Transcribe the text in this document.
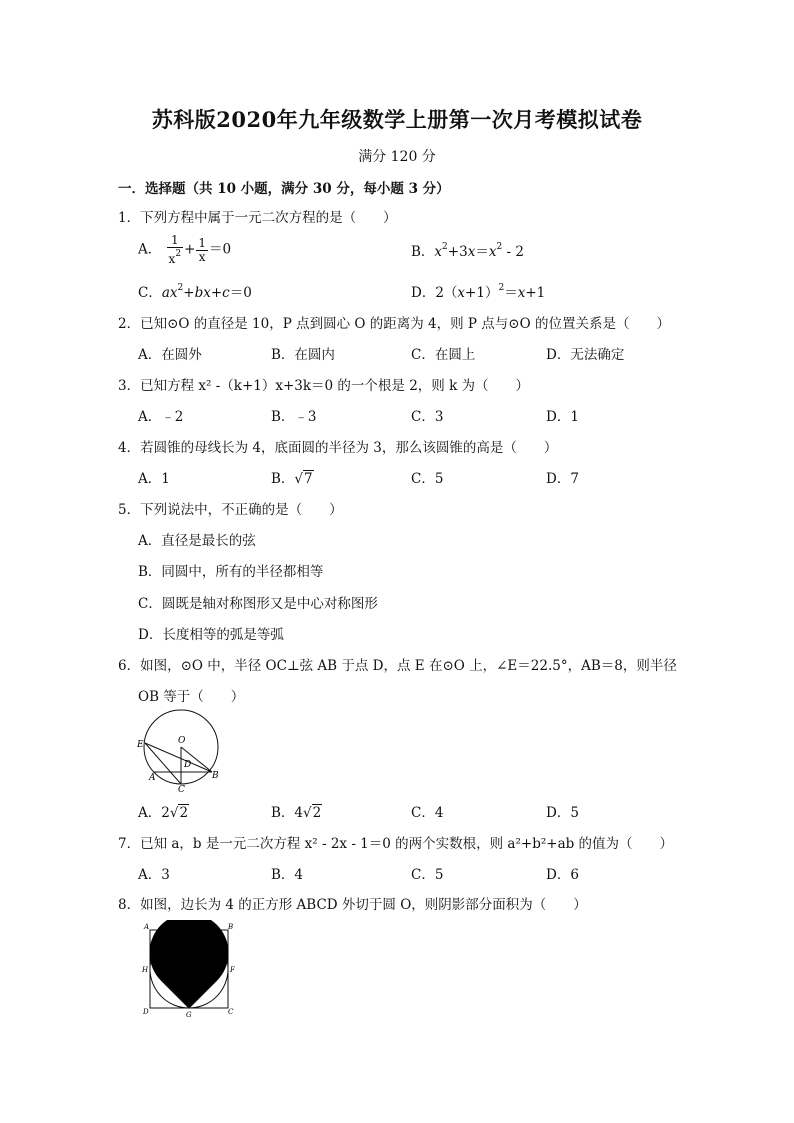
苏科版2020年九年级数学上册第一次月考模拟试卷
满分 120 分
一．选择题（共 10 小题，满分 30 分，每小题 3 分）
1．下列方程中属于一元二次方程的是（　　）
A． $\frac{1}{x^2} + \frac{1}{x} =0$	B．$x^2+3x=x^2 - 2$
C．$ax^2+bx+c=0$	D．$2(x+1)^2=x+1$
2．已知⊙O 的直径是 10，P 点到圆心 O 的距离为 4，则 P 点与⊙O 的位置关系是（　　）
A．在圆外	B．在圆内	C．在圆上	D．无法确定
3．已知方程 x² -（k+1）x+3k＝0 的一个根是 2，则 k 为（　　）
A．﹣2	B．﹣3	C．3	D．1
4．若圆锥的母线长为 4，底面圆的半径为 3，那么该圆锥的高是（　　）
A．1	B．√7	C．5	D．7
5．下列说法中，不正确的是（　　）
A．直径是最长的弦
B．同圆中，所有的半径都相等
C．圆既是轴对称图形又是中心对称图形
D．长度相等的弧是等弧
6．如图，⊙O 中，半径 OC⊥弦 AB 于点 D，点 E 在⊙O 上，∠E＝22.5°，AB＝8，则半径
OB 等于（　　）
E	O
D
A	B
C
A．2√2	B．4√2	C．4	D．5
7．已知 a，b 是一元二次方程 x² - 2x - 1＝0 的两个实数根，则 a²+b²+ab 的值为（　　）
A．3	B．4	C．5	D．6
8．如图，边长为 4 的正方形 ABCD 外切于圆 O，则阴影部分面积为（　　）
A	E	B
H	F
D	G	C
